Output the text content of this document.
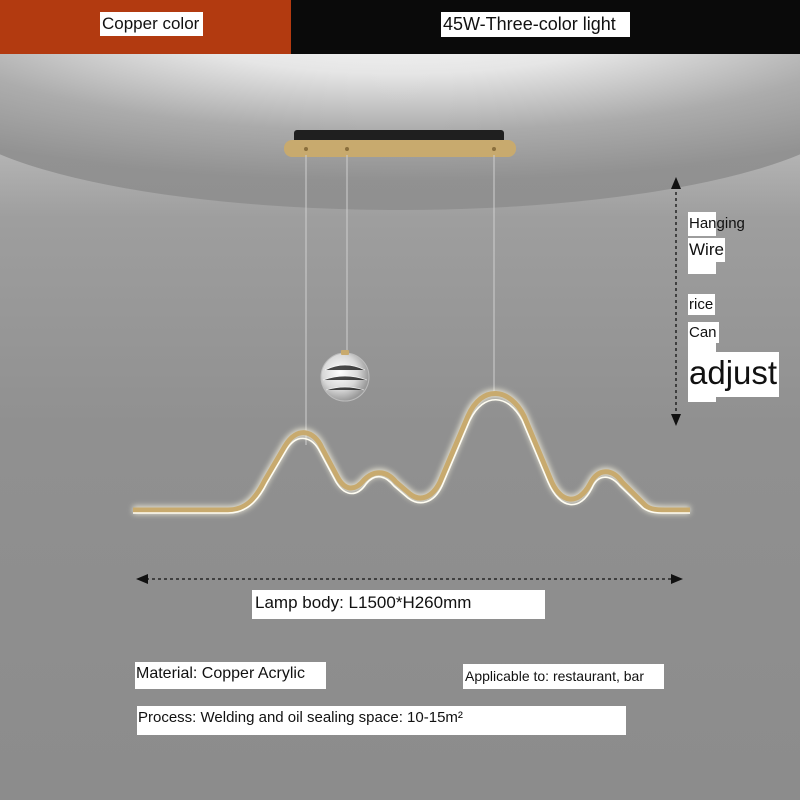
Copper color	45W-Three-color light
Hanging
Wire
rice
Can
adjust
Lamp body: L1500*H260mm
Material: Copper Acrylic	Applicable to: restaurant, bar
Process: Welding and oil sealing space: 10-15m²
